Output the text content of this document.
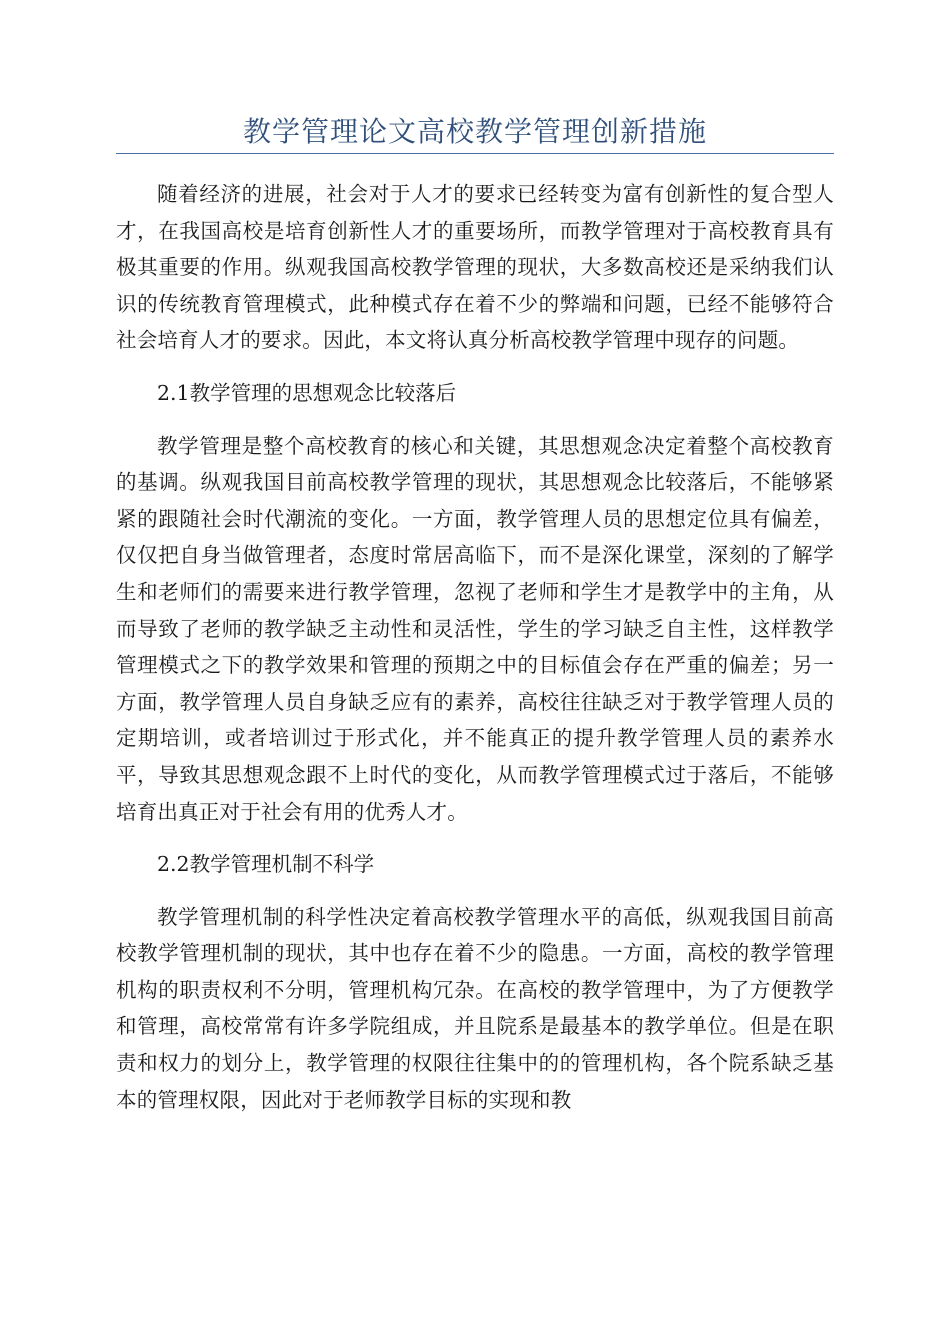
教学管理论文高校教学管理创新措施

随着经济的进展，社会对于人才的要求已经转变为富有创新性的复合型人才，在我国高校是培育创新性人才的重要场所，而教学管理对于高校教育具有极其重要的作用。纵观我国高校教学管理的现状，大多数高校还是采纳我们认识的传统教育管理模式，此种模式存在着不少的弊端和问题，已经不能够符合社会培育人才的要求。因此，本文将认真分析高校教学管理中现存的问题。

2.1教学管理的思想观念比较落后

教学管理是整个高校教育的核心和关键，其思想观念决定着整个高校教育的基调。纵观我国目前高校教学管理的现状，其思想观念比较落后，不能够紧紧的跟随社会时代潮流的变化。一方面，教学管理人员的思想定位具有偏差，仅仅把自身当做管理者，态度时常居高临下，而不是深化课堂，深刻的了解学生和老师们的需要来进行教学管理，忽视了老师和学生才是教学中的主角，从而导致了老师的教学缺乏主动性和灵活性，学生的学习缺乏自主性，这样教学管理模式之下的教学效果和管理的预期之中的目标值会存在严重的偏差；另一方面，教学管理人员自身缺乏应有的素养，高校往往缺乏对于教学管理人员的定期培训，或者培训过于形式化，并不能真正的提升教学管理人员的素养水平，导致其思想观念跟不上时代的变化，从而教学管理模式过于落后，不能够培育出真正对于社会有用的优秀人才。

2.2教学管理机制不科学

教学管理机制的科学性决定着高校教学管理水平的高低，纵观我国目前高校教学管理机制的现状，其中也存在着不少的隐患。一方面，高校的教学管理机构的职责权利不分明，管理机构冗杂。在高校的教学管理中，为了方便教学和管理，高校常常有许多学院组成，并且院系是最基本的教学单位。但是在职责和权力的划分上，教学管理的权限往往集中的的管理机构，各个院系缺乏基本的管理权限，因此对于老师教学目标的实现和教
